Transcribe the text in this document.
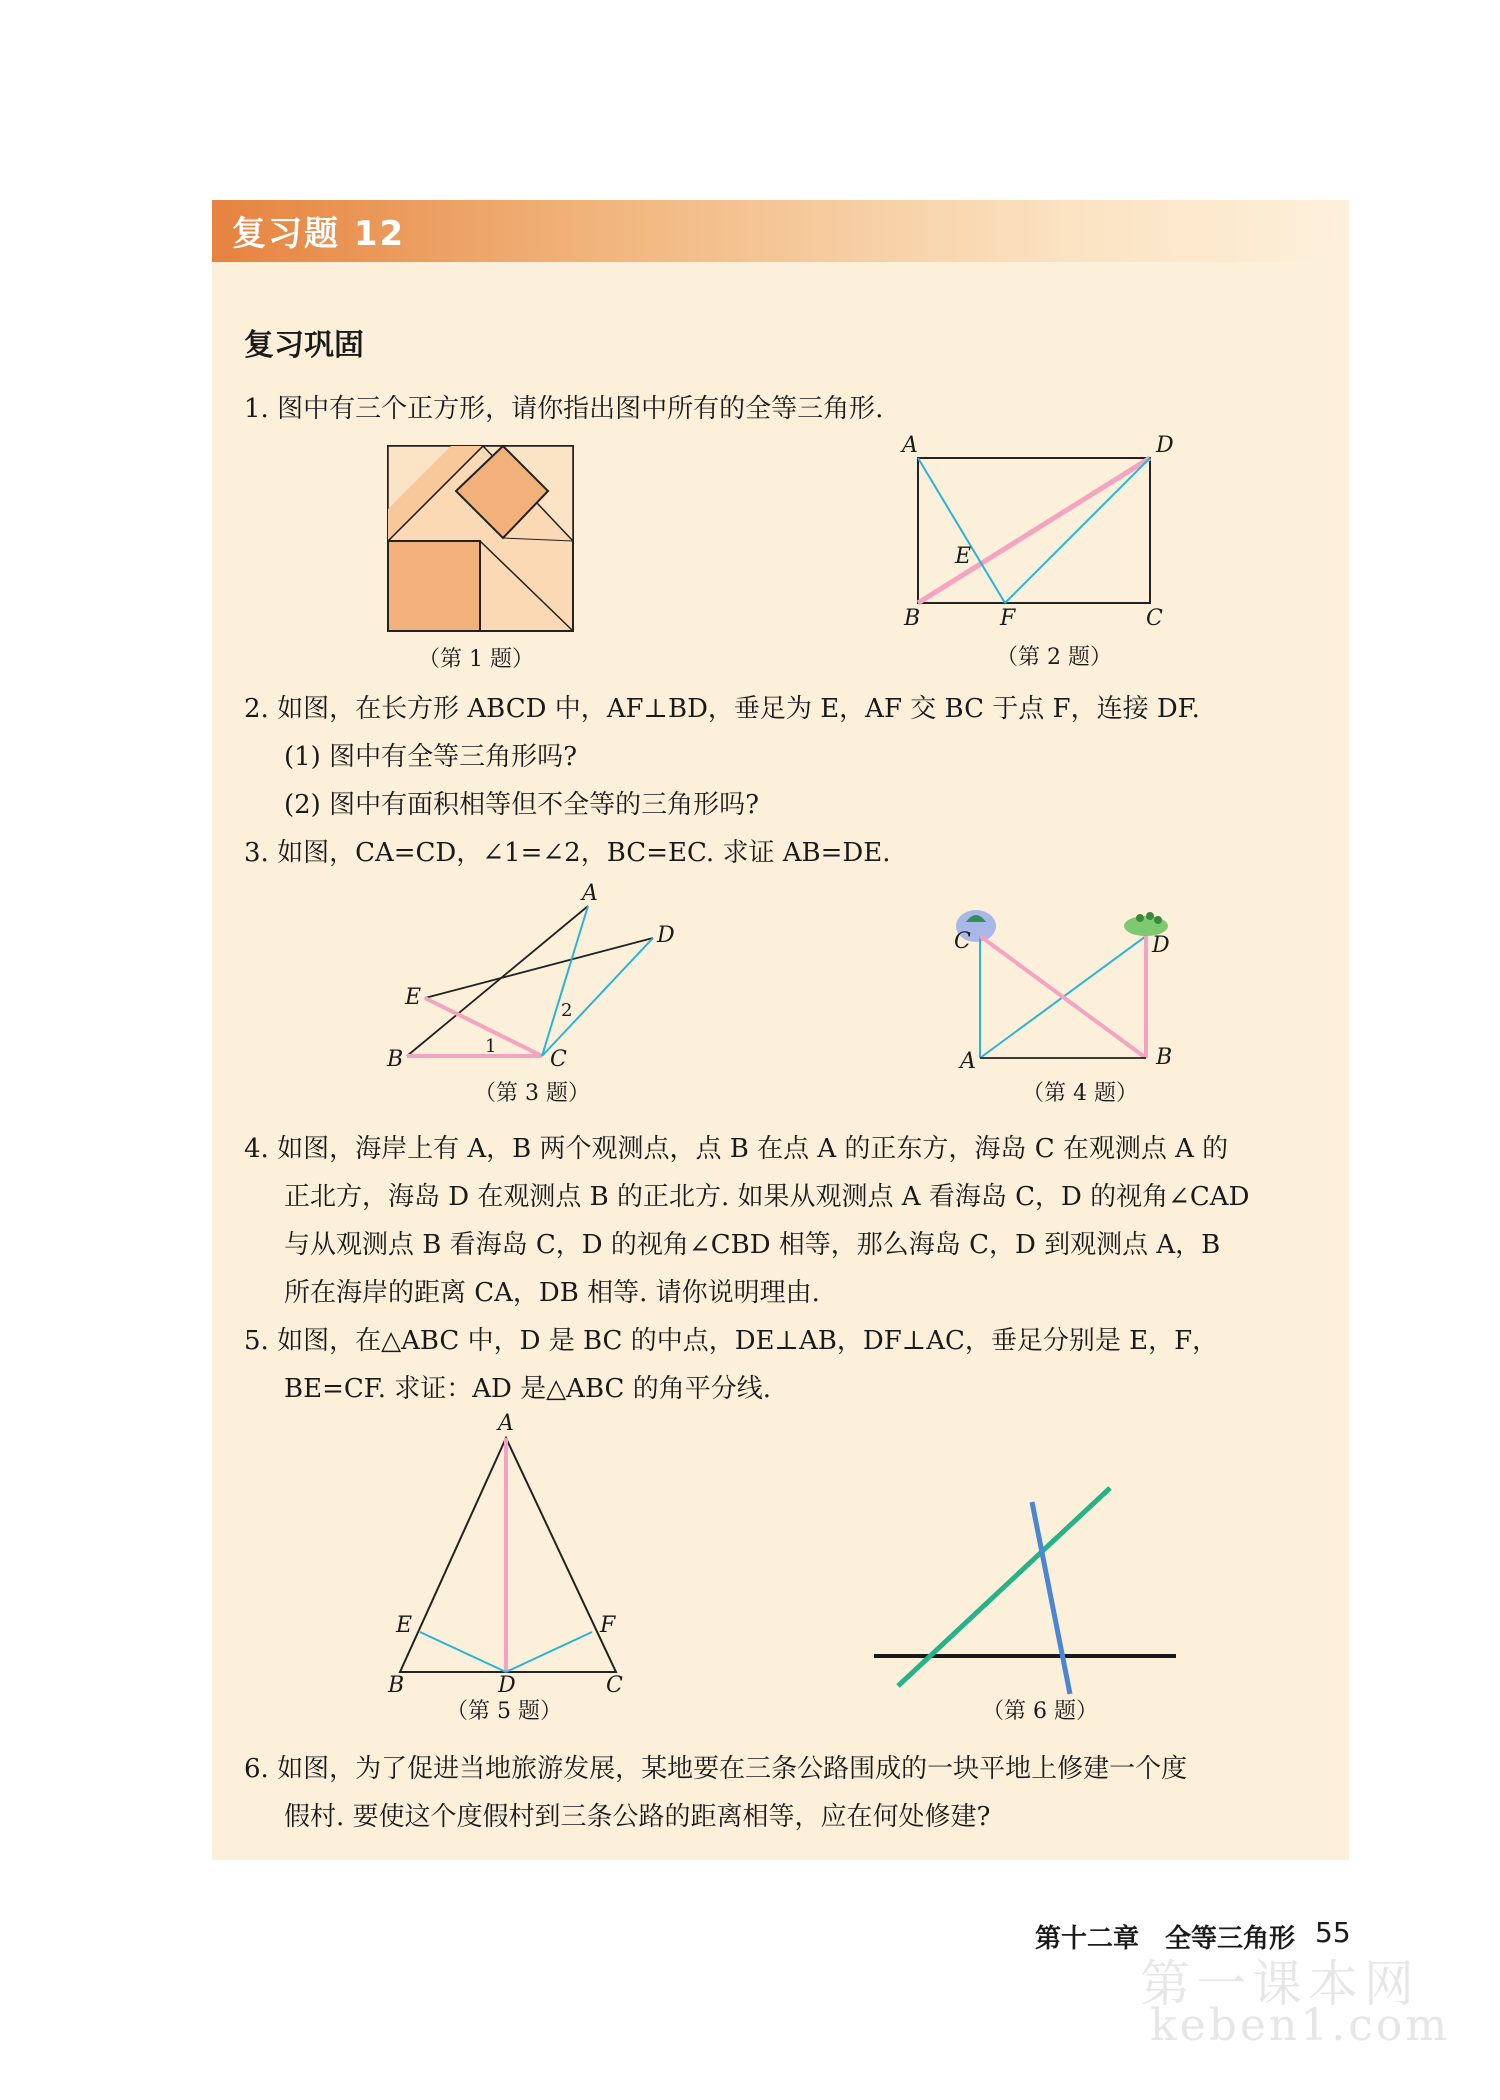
复习题 12
复习巩固
1. 图中有三个正方形，请你指出图中所有的全等三角形.
（第 1 题）
A	D
B	F	C
E
（第 2 题）
2. 如图，在长方形 ABCD 中，AF⊥BD，垂足为 E，AF 交 BC 于点 F，连接 DF.
(1) 图中有全等三角形吗?
(2) 图中有面积相等但不全等的三角形吗?
3. 如图，CA=CD，∠1=∠2，BC=EC. 求证 AB=DE.
A
D
E
B	C
1
2
（第 3 题）
C	D
A	B
（第 4 题）
4. 如图，海岸上有 A，B 两个观测点，点 B 在点 A 的正东方，海岛 C 在观测点 A 的
正北方，海岛 D 在观测点 B 的正北方. 如果从观测点 A 看海岛 C，D 的视角∠CAD
与从观测点 B 看海岛 C，D 的视角∠CBD 相等，那么海岛 C，D 到观测点 A，B
所在海岸的距离 CA，DB 相等. 请你说明理由.
5. 如图，在△ABC 中，D 是 BC 的中点，DE⊥AB，DF⊥AC，垂足分别是 E，F，
BE=CF. 求证：AD 是△ABC 的角平分线.
A
E	F
B	D	C
（第 5 题）	（第 6 题）
6. 如图，为了促进当地旅游发展，某地要在三条公路围成的一块平地上修建一个度
假村. 要使这个度假村到三条公路的距离相等，应在何处修建?
第十二章　全等三角形 55
第一课本网
keben1.com
